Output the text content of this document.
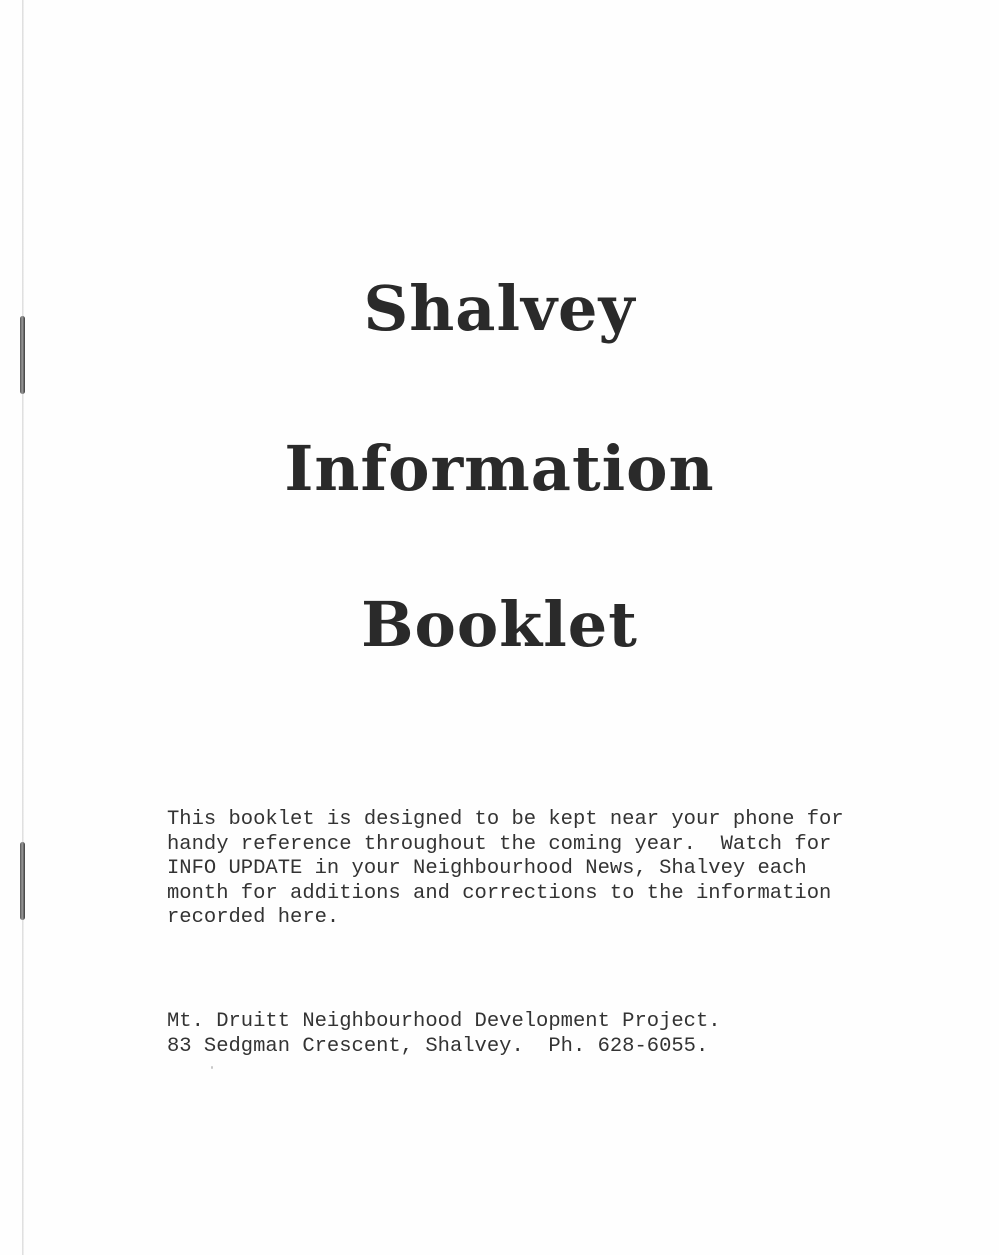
Shalvey
Information
Booklet
This booklet is designed to be kept near your phone for
handy reference throughout the coming year.  Watch for
INFO UPDATE in your Neighbourhood News, Shalvey each
month for additions and corrections to the information
recorded here.
Mt. Druitt Neighbourhood Development Project.
83 Sedgman Crescent, Shalvey.  Ph. 628-6055.
